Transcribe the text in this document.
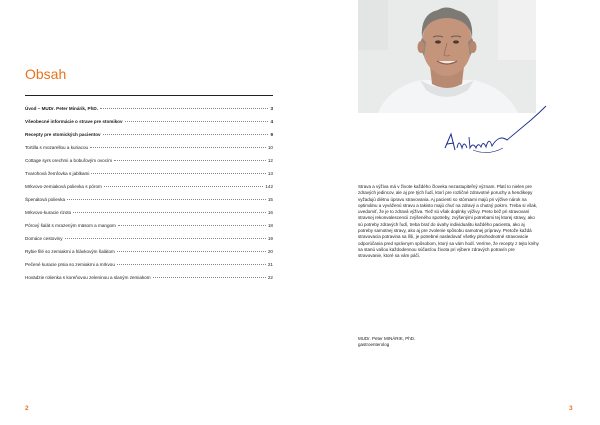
Obsah
Úvod – MUDr. Peter Minárik, PhD.	3
Všeobecné informácie o strave pre stomikov	4
Recepty pre stomických pacientov	9
Tortilla s mozarellou a kuriacou	10
Cottage syrs orechmi a bobuľovým ovocím	12
Tvarohová žemľovka s jablkami	13
Mrkvovo-zemiaková polievka s pórom	142
Špenátová polievka	15
Mrkvovo-kuracie rizoto	16
Pórový šalát s mrazeným mäsom a mangom	18
Domáce cestoviny	19
Rybie filé so zemiakmi a hlávkovým šalátom	20
Pečené kuracie prsia so zemiakmi a mrkvou	21
Hovädzie rolienka s koreňovou zeleninou a slaným zemiakom	22
2

Strava a výživa má v živote každého človeka nezastupiteľný význam. Platí to nielen pre zdravých jedincov, ale aj pre tých ľudí, ktorí pre rozličné zdravotné poruchy a hendikepy vyžadujú diétnu úpravu stravovania. Aj pacienti so stómiami majú pri výžive nárok na optimálnu a vyváženú stravu a takisto majú chuť na zdravý a chutný pokrm. Treba si však, uvedomiť, že je to zdravá výživa. Tiež sú však doplnky výživy. Preto bež pri stravovaní stravnej rekonvalescencii zvýšeného spotreby, zvýšenými potrebami tej ktorej stravy, ako sú potreby zdravých ľudí, treba brať do úvahy individualitu každého pacienta, ako aj potreby samotnej stravy, ako aj pre zvolenie spôsobu samotnej prípravy. Pretože každá stravovacia potravina sa líši, je potrebné nasledovať všetky plnohodnotné stravovacie odporúčania pred správnym spôsobom, ktorý sa vám hodí. Veríme, že recepty z tejto knihy sa stanú vašou každodennou súčasťou života pri výbere zdravých potravín pre stravovanie, ktoré sa vám páči.

MUDr. Peter MINÁRIK, PhD.
gastroenterolog
3
